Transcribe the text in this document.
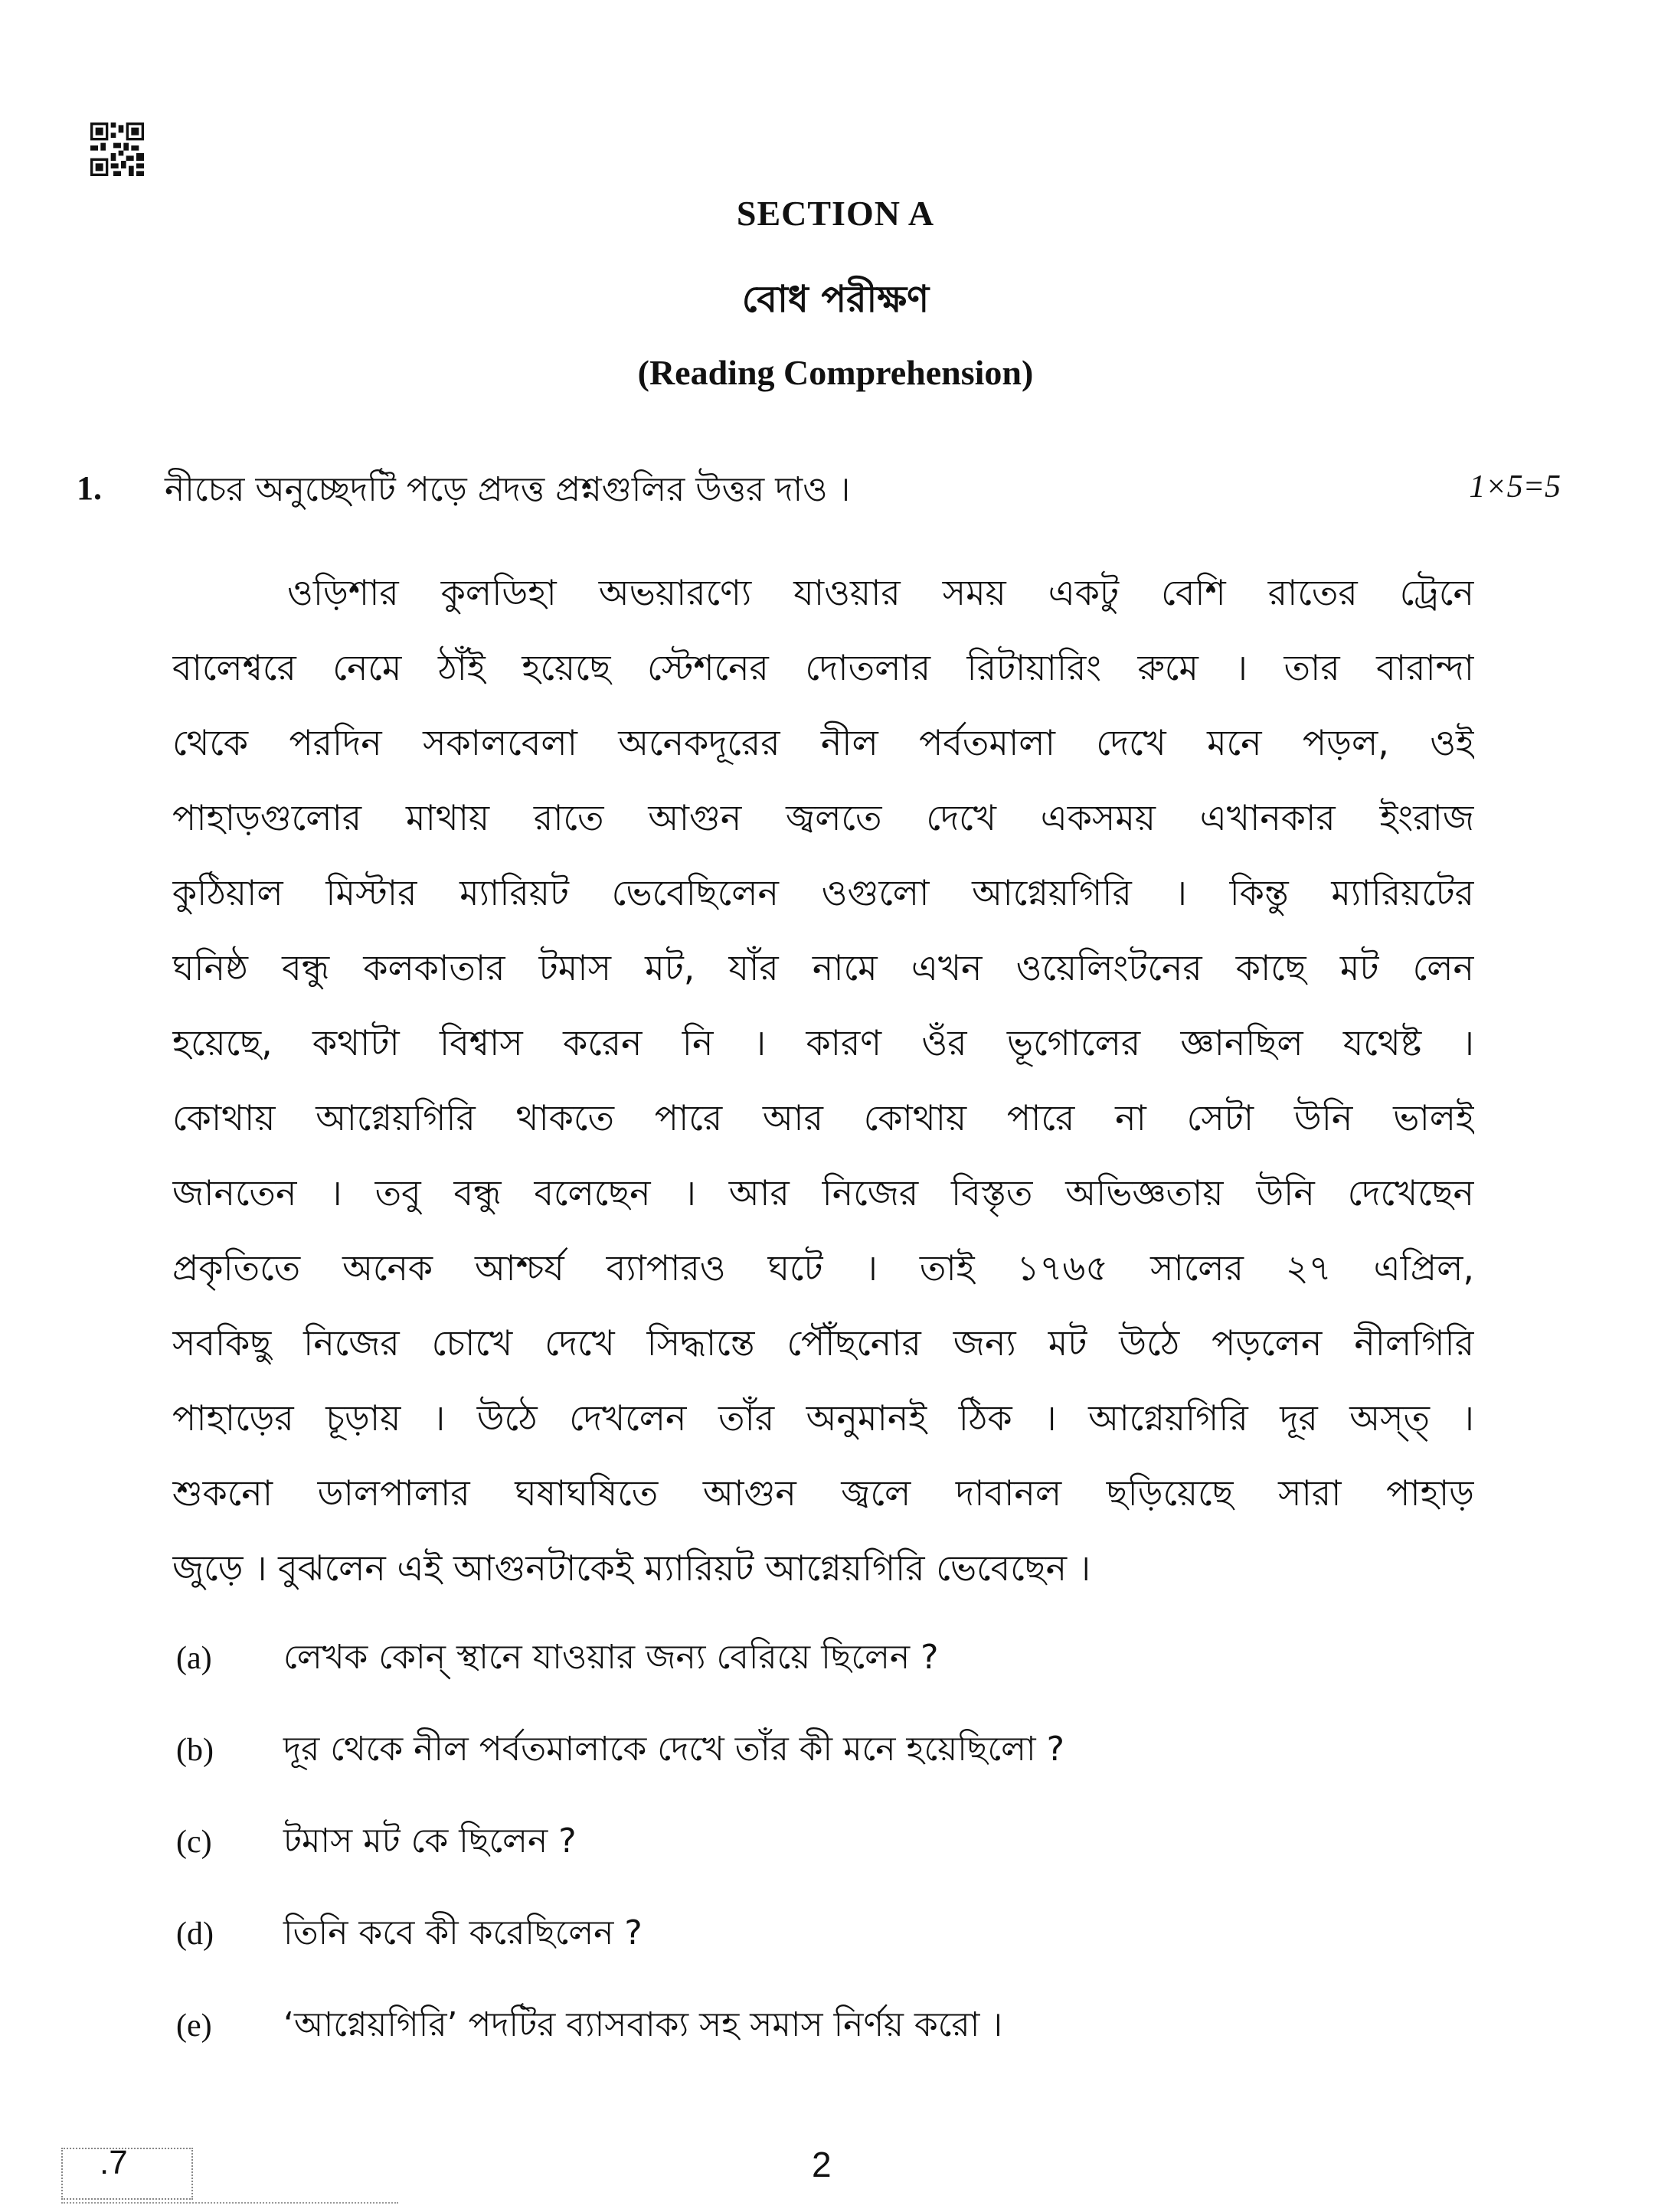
SECTION A
বোধ পরীক্ষণ
(Reading Comprehension)
1. নীচের অনুচ্ছেদটি পড়ে প্রদত্ত প্রশ্নগুলির উত্তর দাও ।	1×5=5
ওড়িশার কুলডিহা অভয়ারণ্যে যাওয়ার সময় একটু বেশি রাতের ট্রেনে
বালেশ্বরে নেমে ঠাঁই হয়েছে স্টেশনের দোতলার রিটায়ারিং রুমে । তার বারান্দা
থেকে পরদিন সকালবেলা অনেকদূরের নীল পর্বতমালা দেখে মনে পড়ল, ওই
পাহাড়গুলোর মাথায় রাতে আগুন জ্বলতে দেখে একসময় এখানকার ইংরাজ
কুঠিয়াল মিস্টার ম্যারিয়ট ভেবেছিলেন ওগুলো আগ্নেয়গিরি । কিন্তু ম্যারিয়টের
ঘনিষ্ঠ বন্ধু কলকাতার টমাস মট, যাঁর নামে এখন ওয়েলিংটনের কাছে মট লেন
হয়েছে, কথাটা বিশ্বাস করেন নি । কারণ ওঁর ভূগোলের জ্ঞানছিল যথেষ্ট ।
কোথায় আগ্নেয়গিরি থাকতে পারে আর কোথায় পারে না সেটা উনি ভালই
জানতেন । তবু বন্ধু বলেছেন । আর নিজের বিস্তৃত অভিজ্ঞতায় উনি দেখেছেন
প্রকৃতিতে অনেক আশ্চর্য ব্যাপারও ঘটে । তাই ১৭৬৫ সালের ২৭ এপ্রিল,
সবকিছু নিজের চোখে দেখে সিদ্ধান্তে পৌঁছনোর জন্য মট উঠে পড়লেন নীলগিরি
পাহাড়ের চূড়ায় । উঠে দেখলেন তাঁর অনুমানই ঠিক । আগ্নেয়গিরি দূর অস্ত্ ।
শুকনো ডালপালার ঘষাঘষিতে আগুন জ্বলে দাবানল ছড়িয়েছে সারা পাহাড়
জুড়ে । বুঝলেন এই আগুনটাকেই ম্যারিয়ট আগ্নেয়গিরি ভেবেছেন ।
(a) লেখক কোন্ স্থানে যাওয়ার জন্য বেরিয়ে ছিলেন ?
(b) দূর থেকে নীল পর্বতমালাকে দেখে তাঁর কী মনে হয়েছিলো ?
(c) টমাস মট কে ছিলেন ?
(d) তিনি কবে কী করেছিলেন ?
(e) ‘আগ্নেয়গিরি’ পদটির ব্যাসবাক্য সহ সমাস নির্ণয় করো ।
.7	2
